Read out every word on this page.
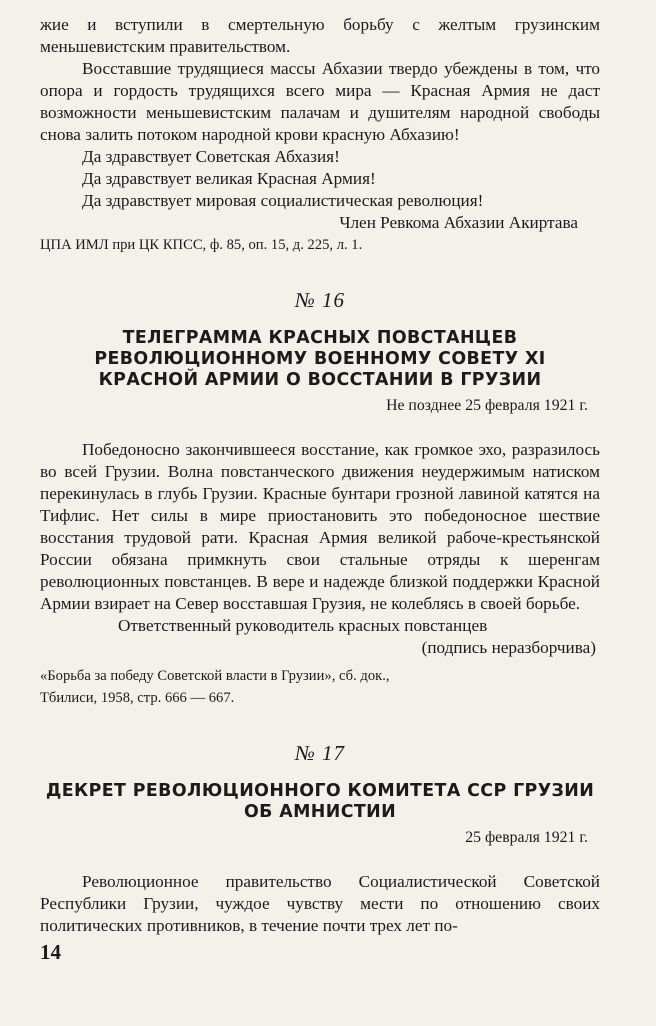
жие и вступили в смертельную борьбу с желтым грузинским меньшевистским правительством.

Восставшие трудящиеся массы Абхазии твердо убеждены в том, что опора и гордость трудящихся всего мира — Красная Армия не даст возможности меньшевистским палачам и душителям народной свободы снова залить потоком народной крови красную Абхазию!

Да здравствует Советская Абхазия!
Да здравствует великая Красная Армия!
Да здравствует мировая социалистическая революция!
Член Ревкома Абхазии Акиртава
ЦПА ИМЛ при ЦК КПСС, ф. 85, оп. 15, д. 225, л. 1.
№ 16
ТЕЛЕГРАММА КРАСНЫХ ПОВСТАНЦЕВ
РЕВОЛЮЦИОННОМУ ВОЕННОМУ СОВЕТУ XI
КРАСНОЙ АРМИИ О ВОССТАНИИ В ГРУЗИИ
Не позднее 25 февраля 1921 г.

Победоносно закончившееся восстание, как громкое эхо, разразилось во всей Грузии. Волна повстанческого движения неудержимым натиском перекинулась в глубь Грузии. Красные бунтари грозной лавиной катятся на Тифлис. Нет силы в мире приостановить это победоносное шествие восстания трудовой рати. Красная Армия великой рабоче-крестьянской России обязана примкнуть свои стальные отряды к шеренгам революционных повстанцев. В вере и надежде близкой поддержки Красной Армии взирает на Север восставшая Грузия, не колеблясь в своей борьбе.

Ответственный руководитель красных повстанцев
(подпись неразборчива)
«Борьба за победу Советской власти в Грузии», сб. док.,
Тбилиси, 1958, стр. 666 — 667.
№ 17
ДЕКРЕТ РЕВОЛЮЦИОННОГО КОМИТЕТА ССР ГРУЗИИ
ОБ АМНИСТИИ
25 февраля 1921 г.

Революционное правительство Социалистической Советской Республики Грузии, чуждое чувству мести по отношению своих политических противников, в течение почти трех лет по-

14
